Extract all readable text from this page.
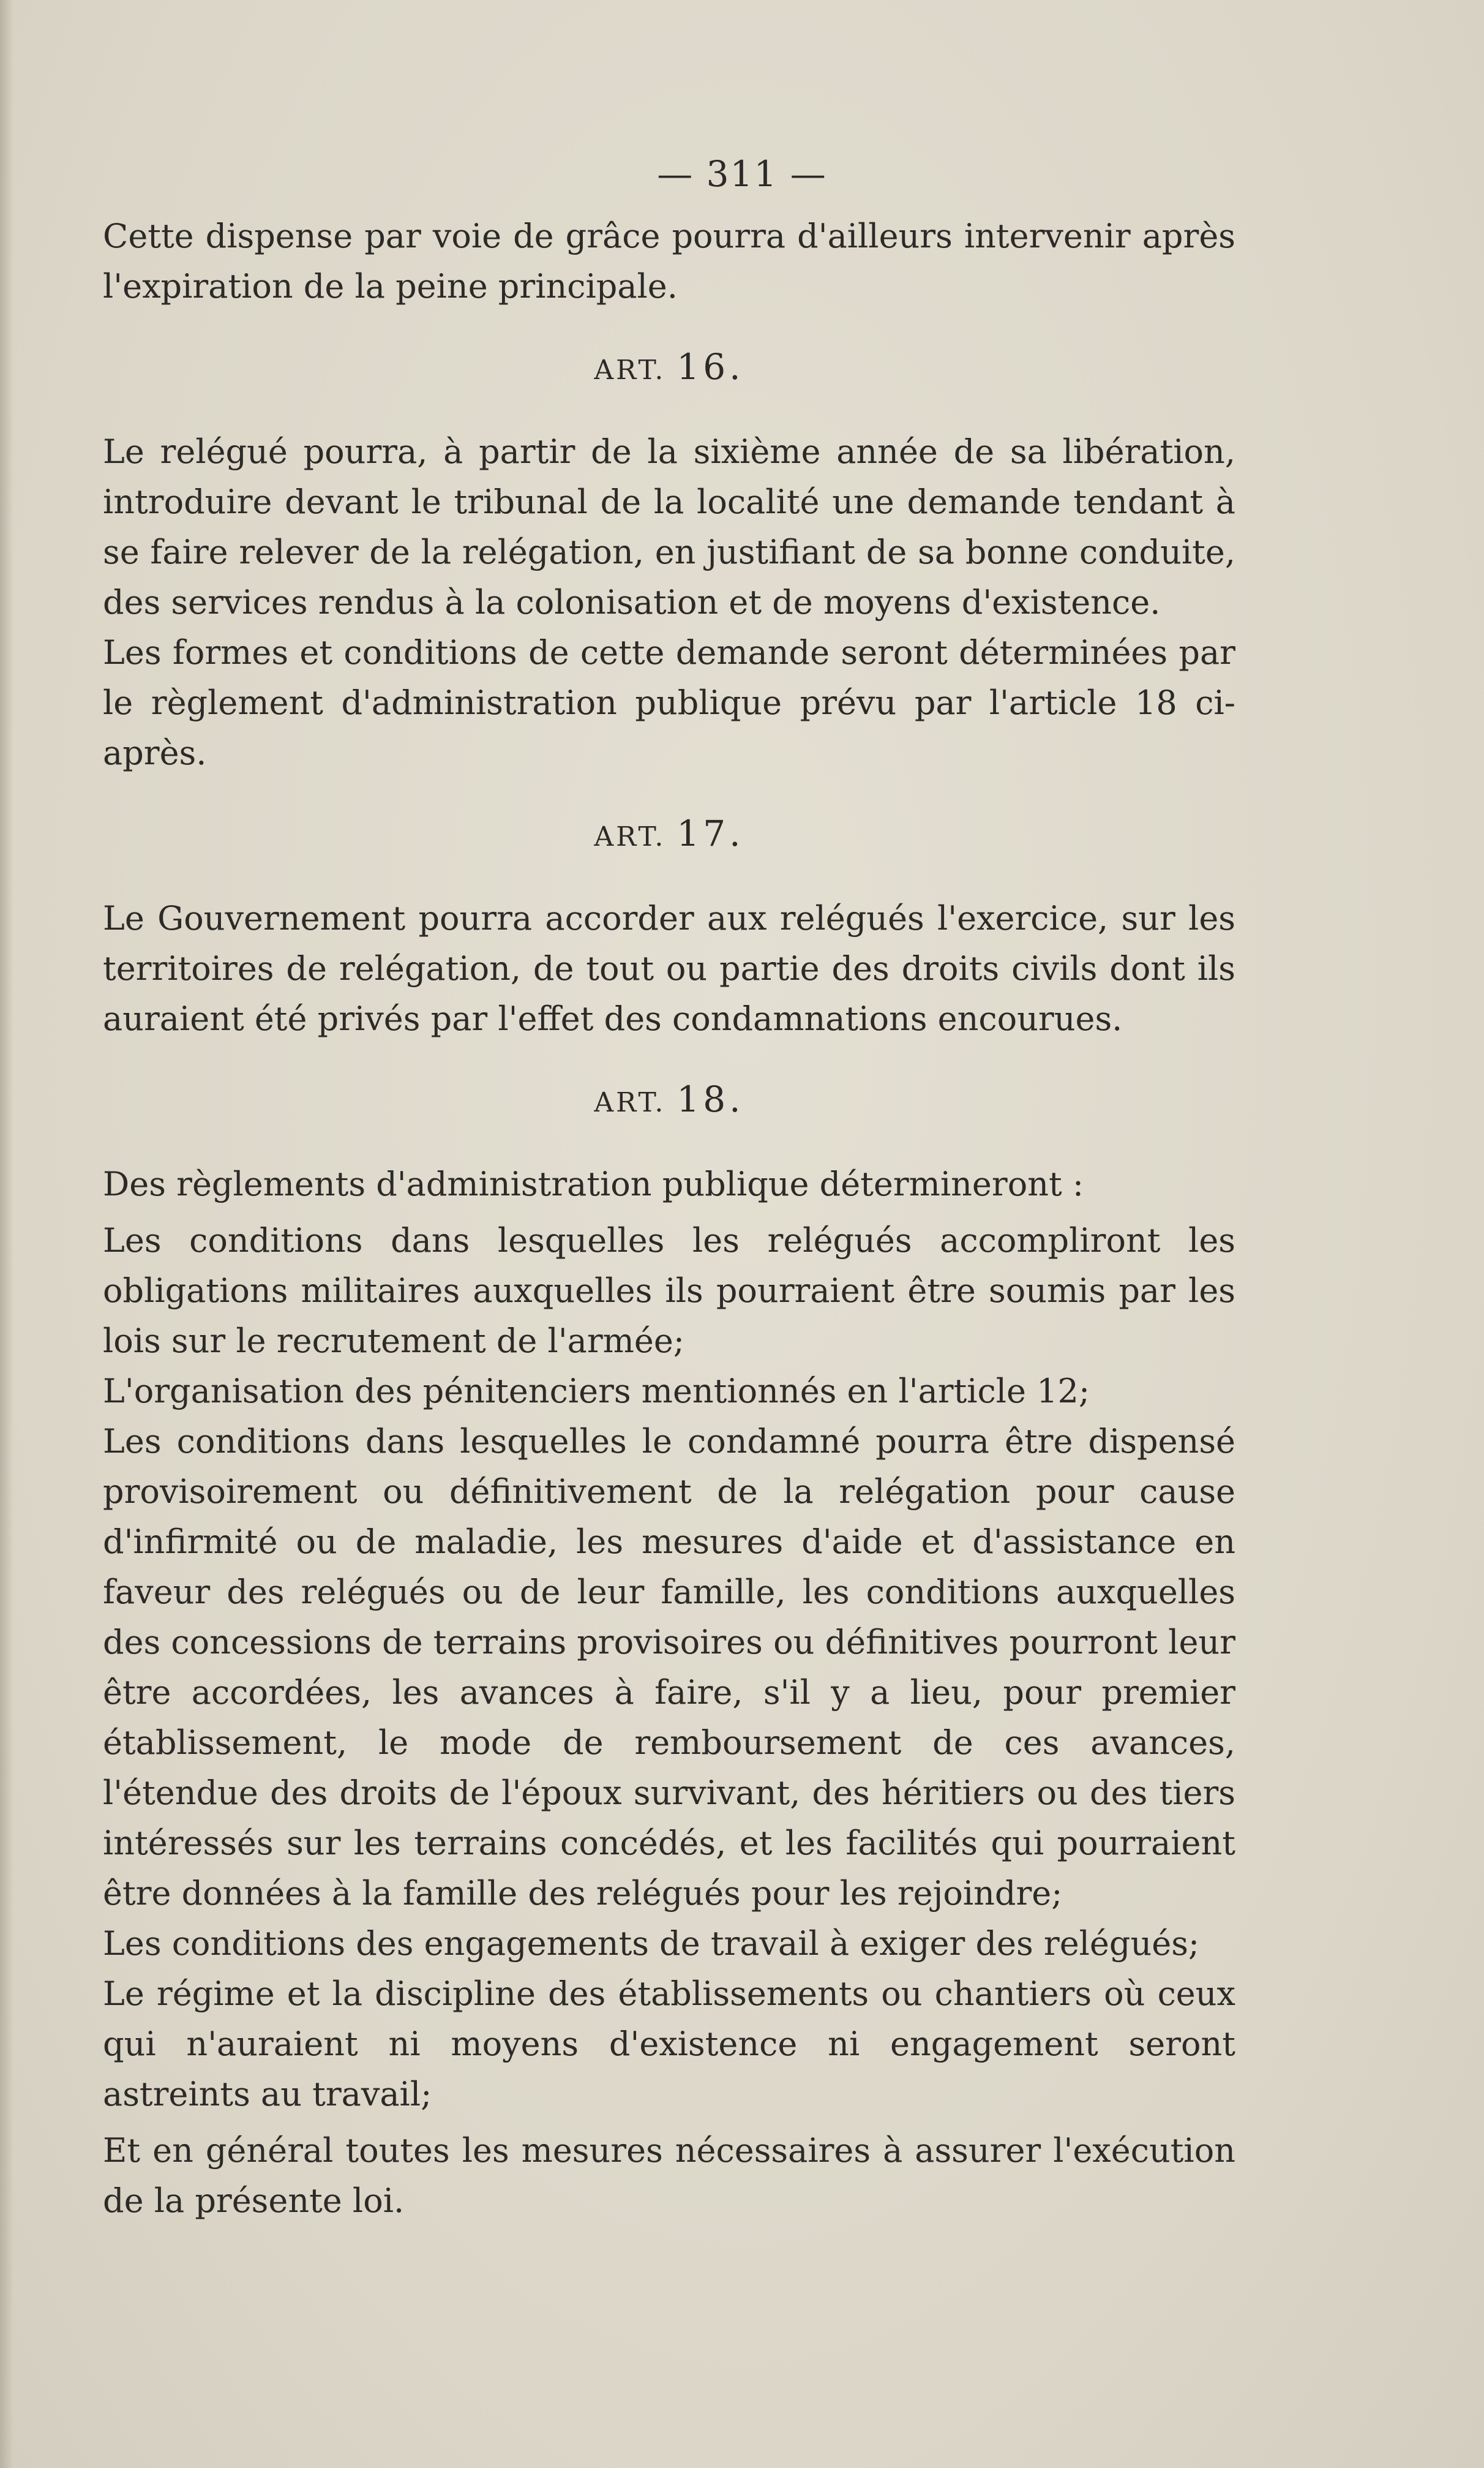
— 311 —

Cette dispense par voie de grâce pourra d'ailleurs intervenir après l'expiration de la peine principale.

ART. 16.

Le relégué pourra, à partir de la sixième année de sa libération, introduire devant le tribunal de la localité une demande tendant à se faire relever de la relégation, en justifiant de sa bonne conduite, des services rendus à la colonisation et de moyens d'existence.

Les formes et conditions de cette demande seront déterminées par le règlement d'administration publique prévu par l'article 18 ci-après.

ART. 17.

Le Gouvernement pourra accorder aux relégués l'exercice, sur les territoires de relégation, de tout ou partie des droits civils dont ils auraient été privés par l'effet des condamnations encourues.

ART. 18.

Des règlements d'administration publique détermineront :

Les conditions dans lesquelles les relégués accompliront les obligations militaires auxquelles ils pourraient être soumis par les lois sur le recrutement de l'armée;

L'organisation des pénitenciers mentionnés en l'article 12;

Les conditions dans lesquelles le condamné pourra être dispensé provisoirement ou définitivement de la relégation pour cause d'infirmité ou de maladie, les mesures d'aide et d'assistance en faveur des relégués ou de leur famille, les conditions auxquelles des concessions de terrains provisoires ou définitives pourront leur être accordées, les avances à faire, s'il y a lieu, pour premier établissement, le mode de remboursement de ces avances, l'étendue des droits de l'époux survivant, des héritiers ou des tiers intéressés sur les terrains concédés, et les facilités qui pourraient être données à la famille des relégués pour les rejoindre;

Les conditions des engagements de travail à exiger des relégués;

Le régime et la discipline des établissements ou chantiers où ceux qui n'auraient ni moyens d'existence ni engagement seront astreints au travail;

Et en général toutes les mesures nécessaires à assurer l'exécution de la présente loi.
